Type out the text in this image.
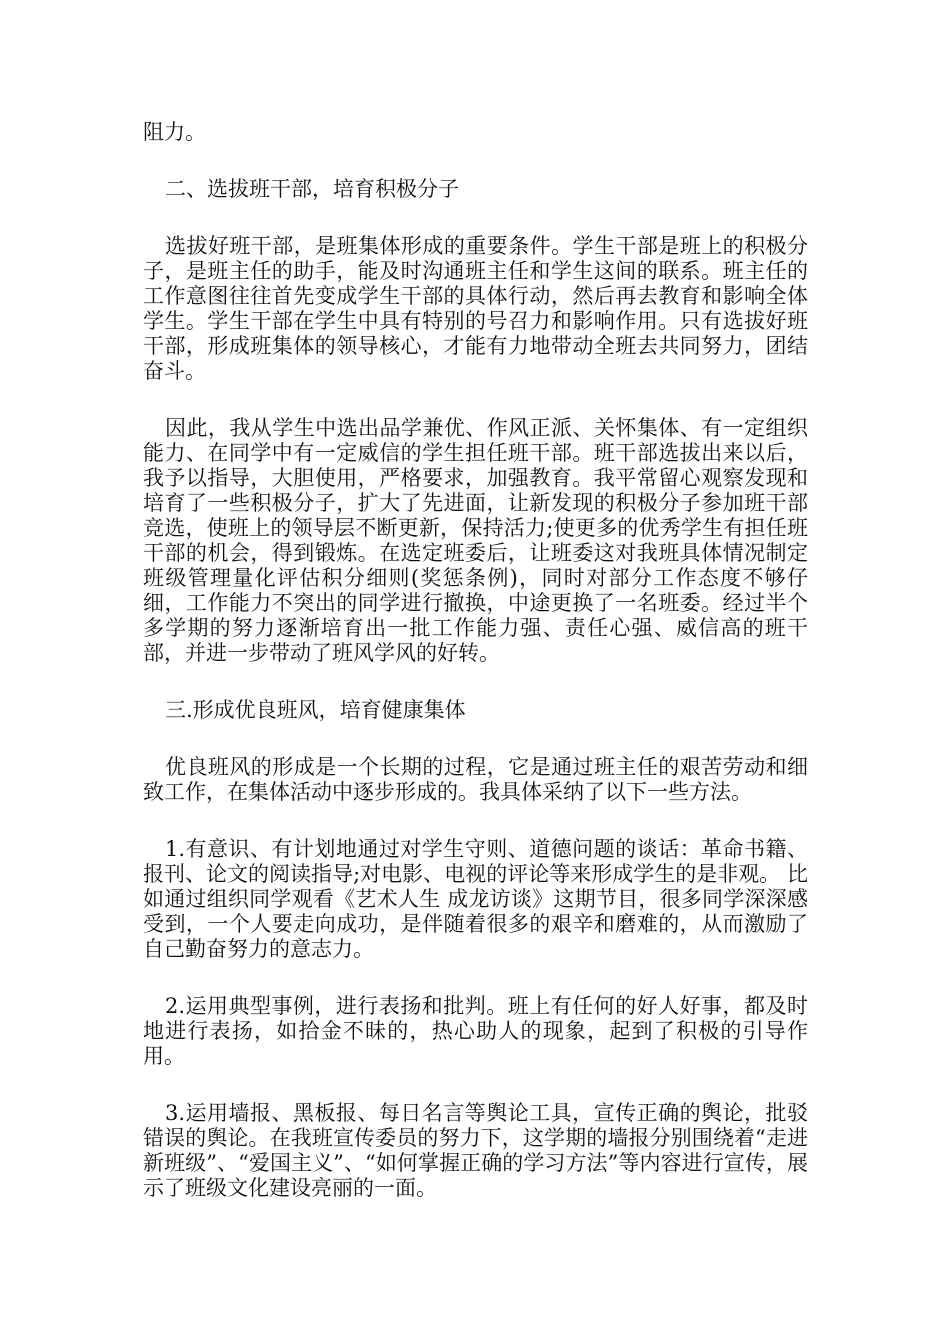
阻力。

二、选拔班干部，培育积极分子

选拔好班干部，是班集体形成的重要条件。学生干部是班上的积极分子，是班主任的助手，能及时沟通班主任和学生这间的联系。班主任的工作意图往往首先变成学生干部的具体行动，然后再去教育和影响全体学生。学生干部在学生中具有特别的号召力和影响作用。只有选拔好班干部，形成班集体的领导核心，才能有力地带动全班去共同努力，团结奋斗。

因此，我从学生中选出品学兼优、作风正派、关怀集体、有一定组织能力、在同学中有一定威信的学生担任班干部。班干部选拔出来以后，我予以指导，大胆使用，严格要求，加强教育。我平常留心观察发现和培育了一些积极分子，扩大了先进面，让新发现的积极分子参加班干部竞选，使班上的领导层不断更新，保持活力;使更多的优秀学生有担任班干部的机会，得到锻炼。在选定班委后，让班委这对我班具体情况制定班级管理量化评估积分细则(奖惩条例)，同时对部分工作态度不够仔细，工作能力不突出的同学进行撤换，中途更换了一名班委。经过半个多学期的努力逐渐培育出一批工作能力强、责任心强、威信高的班干部，并进一步带动了班风学风的好转。

三.形成优良班风，培育健康集体

优良班风的形成是一个长期的过程，它是通过班主任的艰苦劳动和细致工作，在集体活动中逐步形成的。我具体采纳了以下一些方法。

1.有意识、有计划地通过对学生守则、道德问题的谈话：革命书籍、报刊、论文的阅读指导;对电影、电视的评论等来形成学生的是非观。 比如通过组织同学观看《艺术人生 成龙访谈》这期节目，很多同学深深感受到，一个人要走向成功，是伴随着很多的艰辛和磨难的，从而激励了自己勤奋努力的意志力。

2.运用典型事例，进行表扬和批判。班上有任何的好人好事，都及时地进行表扬，如拾金不昧的，热心助人的现象，起到了积极的引导作用。

3.运用墙报、黑板报、每日名言等舆论工具，宣传正确的舆论，批驳错误的舆论。在我班宣传委员的努力下，这学期的墙报分别围绕着“走进新班级”、“爱国主义”、“如何掌握正确的学习方法”等内容进行宣传，展示了班级文化建设亮丽的一面。
